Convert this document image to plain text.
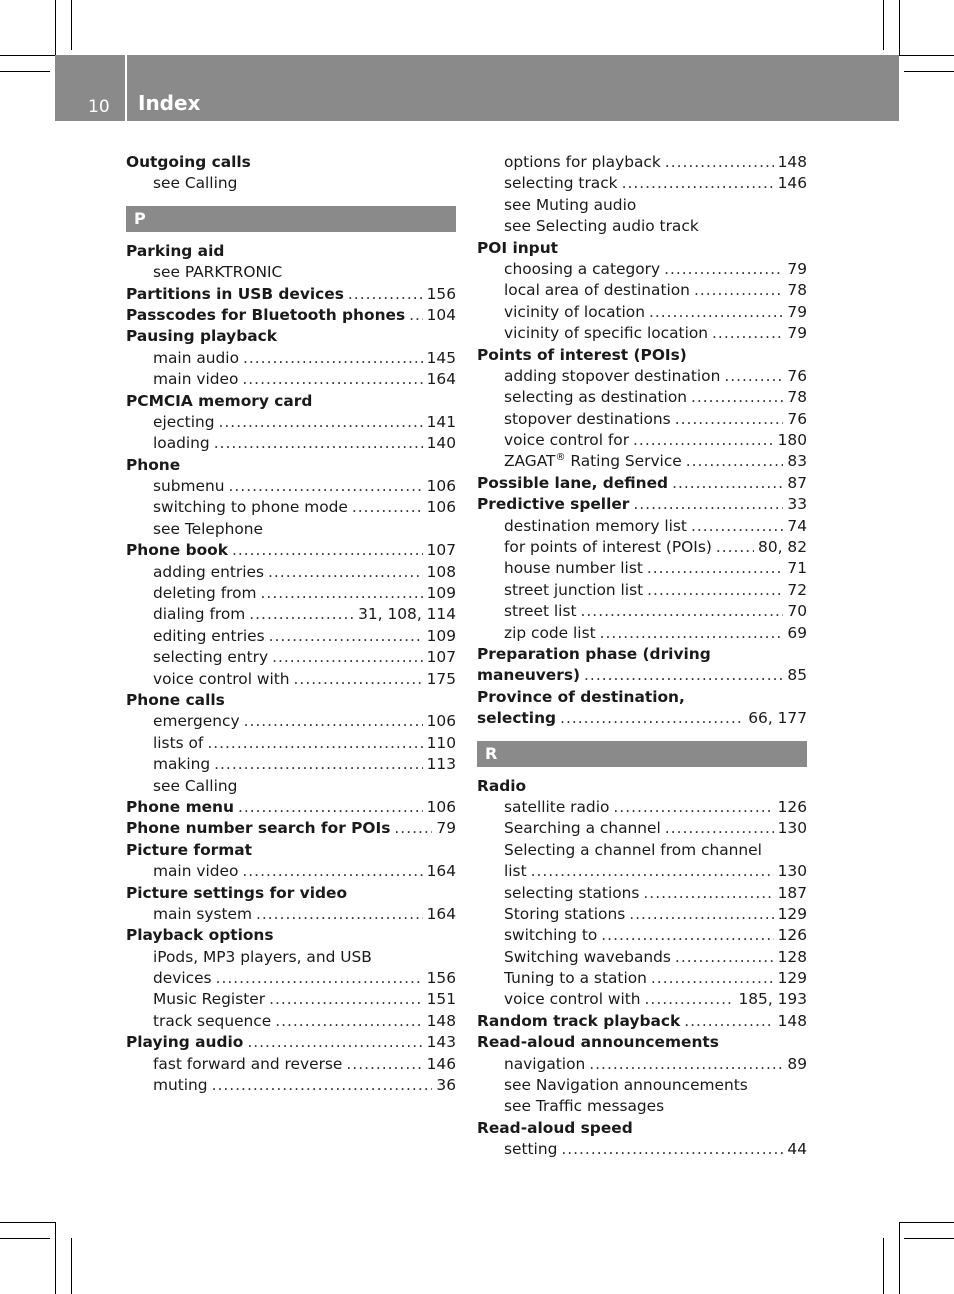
10 Index
Outgoing calls
see Calling
P
Parking aid
see PARKTRONIC
Partitions in USB devices .....	156
Passcodes for Bluetooth phones ..... 104
Pausing playback
main audio .....	145
main video .....	164
PCMCIA memory card
ejecting .....	141
loading .....	140
Phone
submenu .....	106
switching to phone mode .....	106
see Telephone
Phone book .....	107
adding entries .....	108
deleting from .....	109
dialing from .....	31, 108, 114
editing entries .....	109
selecting entry .....	107
voice control with .....	175
Phone calls
emergency .....	106
lists of .....	110
making .....	113
see Calling
Phone menu .....	106
Phone number search for POIs .....	79
Picture format
main video .....	164
Picture settings for video
main system .....	164
Playback options
iPods, MP3 players, and USB
devices .....	156
Music Register .....	151
track sequence .....	148
Playing audio .....	143
fast forward and reverse .....	146
muting .....	36
options for playback .....	148
selecting track .....	146
see Muting audio
see Selecting audio track
POI input
choosing a category .....	79
local area of destination .....	78
vicinity of location .....	79
vicinity of specific location .....	79
Points of interest (POIs)
adding stopover destination .....	76
selecting as destination .....	78
stopover destinations .....	76
voice control for .....	180
ZAGAT® Rating Service .....	83
Possible lane, defined .....	87
Predictive speller .....	33
destination memory list .....	74
for points of interest (POIs) .....	80, 82
house number list .....	71
street junction list .....	72
street list .....	70
zip code list .....	69
Preparation phase (driving
maneuvers) .....	85
Province of destination,
selecting .....	66, 177
R
Radio
satellite radio .....	126
Searching a channel .....	130
Selecting a channel from channel
list .....	130
selecting stations .....	187
Storing stations .....	129
switching to .....	126
Switching wavebands .....	128
Tuning to a station .....	129
voice control with .....	185, 193
Random track playback .....	148
Read-aloud announcements
navigation .....	89
see Navigation announcements
see Traffic messages
Read-aloud speed
setting .....	44
